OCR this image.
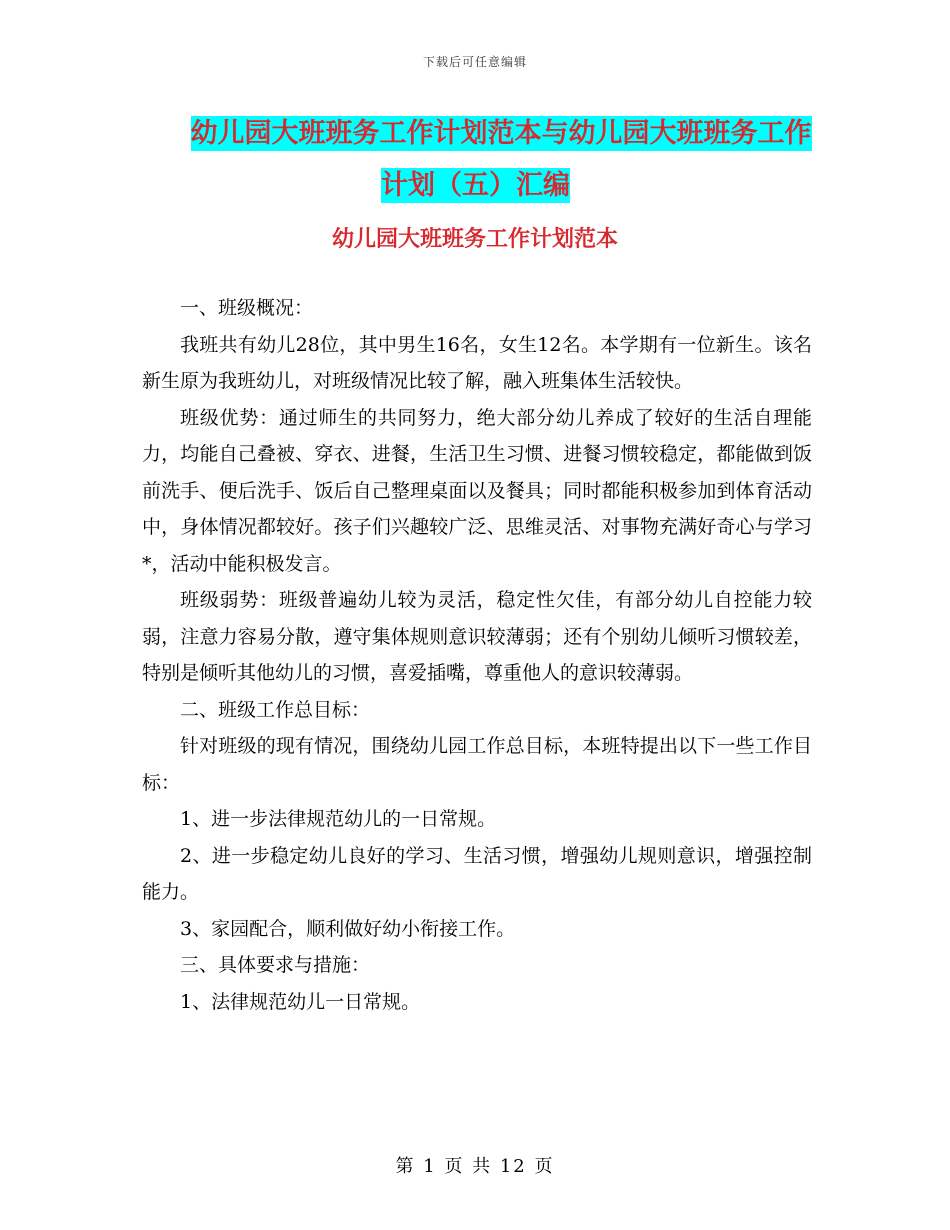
下载后可任意编辑
幼儿园大班班务工作计划范本与幼儿园大班班务工作
计划（五）汇编
幼儿园大班班务工作计划范本

一、班级概况：

我班共有幼儿28位，其中男生16名，女生12名。本学期有一位新生。该名新生原为我班幼儿，对班级情况比较了解，融入班集体生活较快。

班级优势：通过师生的共同努力，绝大部分幼儿养成了较好的生活自理能力，均能自己叠被、穿衣、进餐，生活卫生习惯、进餐习惯较稳定，都能做到饭前洗手、便后洗手、饭后自己整理桌面以及餐具；同时都能积极参加到体育活动中，身体情况都较好。孩子们兴趣较广泛、思维灵活、对事物充满好奇心与学习*，活动中能积极发言。

班级弱势：班级普遍幼儿较为灵活，稳定性欠佳，有部分幼儿自控能力较弱，注意力容易分散，遵守集体规则意识较薄弱；还有个别幼儿倾听习惯较差，特别是倾听其他幼儿的习惯，喜爱插嘴，尊重他人的意识较薄弱。

二、班级工作总目标：

针对班级的现有情况，围绕幼儿园工作总目标，本班特提出以下一些工作目标：

1、进一步法律规范幼儿的一日常规。

2、进一步稳定幼儿良好的学习、生活习惯，增强幼儿规则意识，增强控制能力。

3、家园配合，顺利做好幼小衔接工作。

三、具体要求与措施：

1、法律规范幼儿一日常规。

第 1 页 共 12 页
